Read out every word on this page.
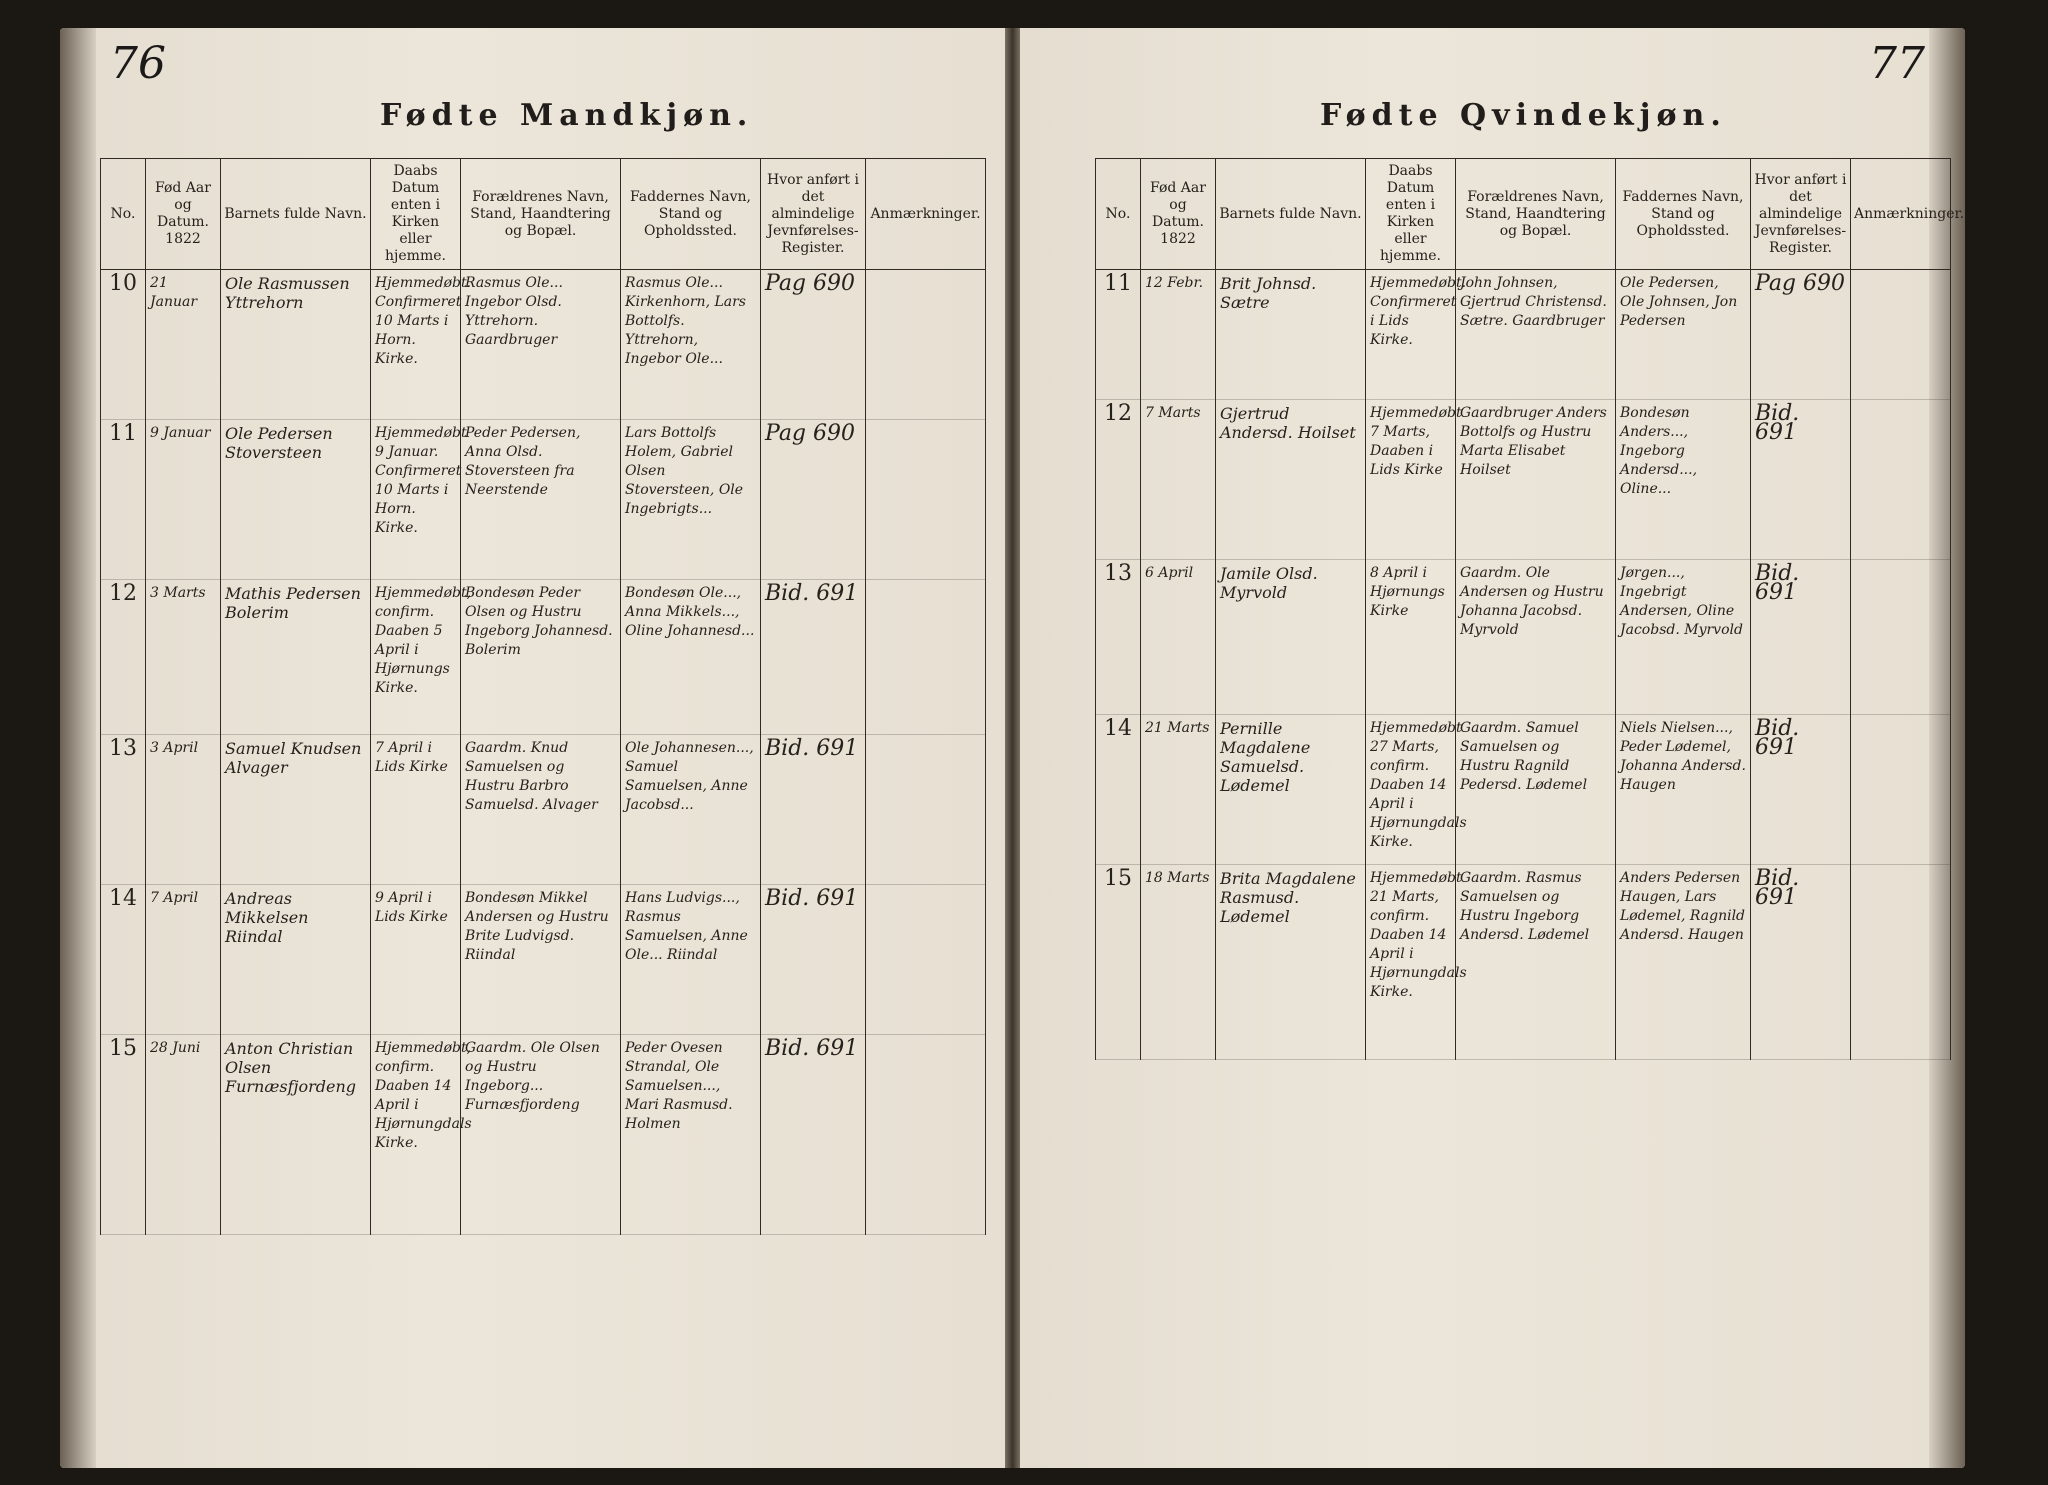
76
Fødte Mandkjøn.
No.	Fød Aar og Datum. 1822	Barnets fulde Navn.	Daabs Datum enten i Kirken eller hjemme.	Forældrenes Navn, Stand, Haandtering og Bopæl.	Faddernes Navn, Stand og Opholdssted.	Hvor anført i det almindelige Jevnførelses-Register.	Anmærkninger.
10	21 Januar	Ole Rasmussen Yttrehorn	Hjemmedøbt. Confirmeret 10 Marts i Horn. Kirke.	Rasmus Ole... Ingebor Olsd. Yttrehorn. Gaardbruger	Rasmus Ole... Kirkenhorn, Lars Bottolfs. Yttrehorn, Ingebor Ole...	Pag 690	
11	9 Januar	Ole Pedersen Stoversteen	Hjemmedøbt 9 Januar. Confirmeret 10 Marts i Horn. Kirke.	Peder Pedersen, Anna Olsd. Stoversteen fra Neerstende	Lars Bottolfs Holem, Gabriel Olsen Stoversteen, Ole Ingebrigts...	Pag 690	
12	3 Marts	Mathis Pedersen Bolerim	Hjemmedøbt, confirm. Daaben 5 April i Hjørnungs Kirke.	Bondesøn Peder Olsen og Hustru Ingeborg Johannesd. Bolerim	Bondesøn Ole..., Anna Mikkels..., Oline Johannesd...	Bid. 691	
13	3 April	Samuel Knudsen Alvager	7 April i Lids Kirke	Gaardm. Knud Samuelsen og Hustru Barbro Samuelsd. Alvager	Ole Johannesen..., Samuel Samuelsen, Anne Jacobsd...	Bid. 691	
14	7 April	Andreas Mikkelsen Riindal	9 April i Lids Kirke	Bondesøn Mikkel Andersen og Hustru Brite Ludvigsd. Riindal	Hans Ludvigs..., Rasmus Samuelsen, Anne Ole... Riindal	Bid. 691	
15	28 Juni	Anton Christian Olsen Furnæsfjordeng	Hjemmedøbt, confirm. Daaben 14 April i Hjørnungdals Kirke.	Gaardm. Ole Olsen og Hustru Ingeborg... Furnæsfjordeng	Peder Ovesen Strandal, Ole Samuelsen..., Mari Rasmusd. Holmen	Bid. 691	
77
Fødte Qvindekjøn.
No.	Fød Aar og Datum. 1822	Barnets fulde Navn.	Daabs Datum enten i Kirken eller hjemme.	Forældrenes Navn, Stand, Haandtering og Bopæl.	Faddernes Navn, Stand og Opholdssted.	Hvor anført i det almindelige Jevnførelses-Register.	Anmærkninger.
11	12 Febr.	Brit Johnsd. Sætre	Hjemmedøbt. Confirmeret i Lids Kirke.	John Johnsen, Gjertrud Christensd. Sætre. Gaardbruger	Ole Pedersen, Ole Johnsen, Jon Pedersen	Pag 690	
12	7 Marts	Gjertrud Andersd. Hoilset	Hjemmedøbt 7 Marts, Daaben i Lids Kirke	Gaardbruger Anders Bottolfs og Hustru Marta Elisabet Hoilset	Bondesøn Anders..., Ingeborg Andersd..., Oline...	Bid. 691	
13	6 April	Jamile Olsd. Myrvold	8 April i Hjørnungs Kirke	Gaardm. Ole Andersen og Hustru Johanna Jacobsd. Myrvold	Jørgen..., Ingebrigt Andersen, Oline Jacobsd. Myrvold	Bid. 691	
14	21 Marts	Pernille Magdalene Samuelsd. Lødemel	Hjemmedøbt 27 Marts, confirm. Daaben 14 April i Hjørnungdals Kirke.	Gaardm. Samuel Samuelsen og Hustru Ragnild Pedersd. Lødemel	Niels Nielsen..., Peder Lødemel, Johanna Andersd. Haugen	Bid. 691	
15	18 Marts	Brita Magdalene Rasmusd. Lødemel	Hjemmedøbt 21 Marts, confirm. Daaben 14 April i Hjørnungdals Kirke.	Gaardm. Rasmus Samuelsen og Hustru Ingeborg Andersd. Lødemel	Anders Pedersen Haugen, Lars Lødemel, Ragnild Andersd. Haugen	Bid. 691	
